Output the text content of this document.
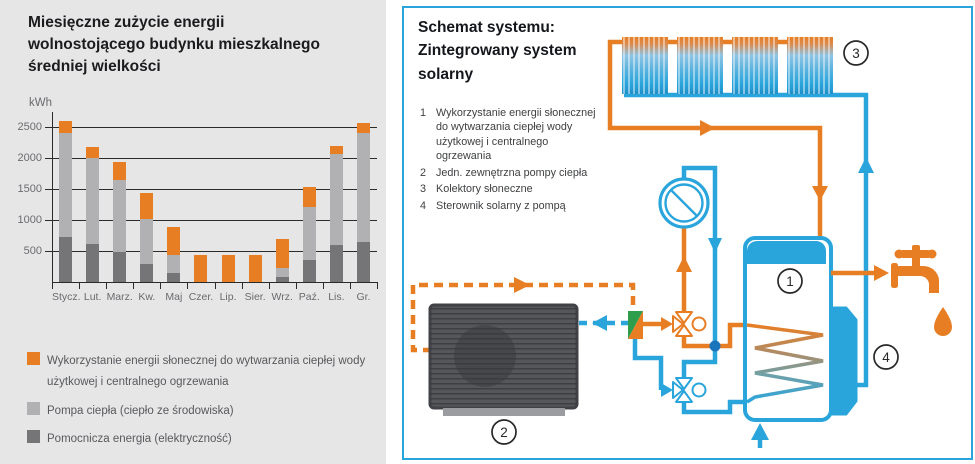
Miesięczne zużycie energii
wolnostojącego budynku mieszkalnego
średniej wielkości
kWh
500
1000
1500
2000
2500
Stycz. Lut. Marz. Kw. Maj Czer. Lip. Sier. Wrz. Paź. Lis.	Gr.
Wykorzystanie energii słonecznej do wytwarzania ciepłej wody użytkowej i centralnego ogrzewania
Pompa ciepła (ciepło ze środowiska)
Pomocnicza energia (elektryczność)
Schemat systemu:
Zintegrowany system
solarny
1 Wykorzystanie energii słonecznej do wytwarzania ciepłej wody użytkowej i centralnego ogrzewania
2 Jedn. zewnętrzna pompy ciepła
3 Kolektory słoneczne
4 Sterownik solarny z pompą
1
2
3
4
